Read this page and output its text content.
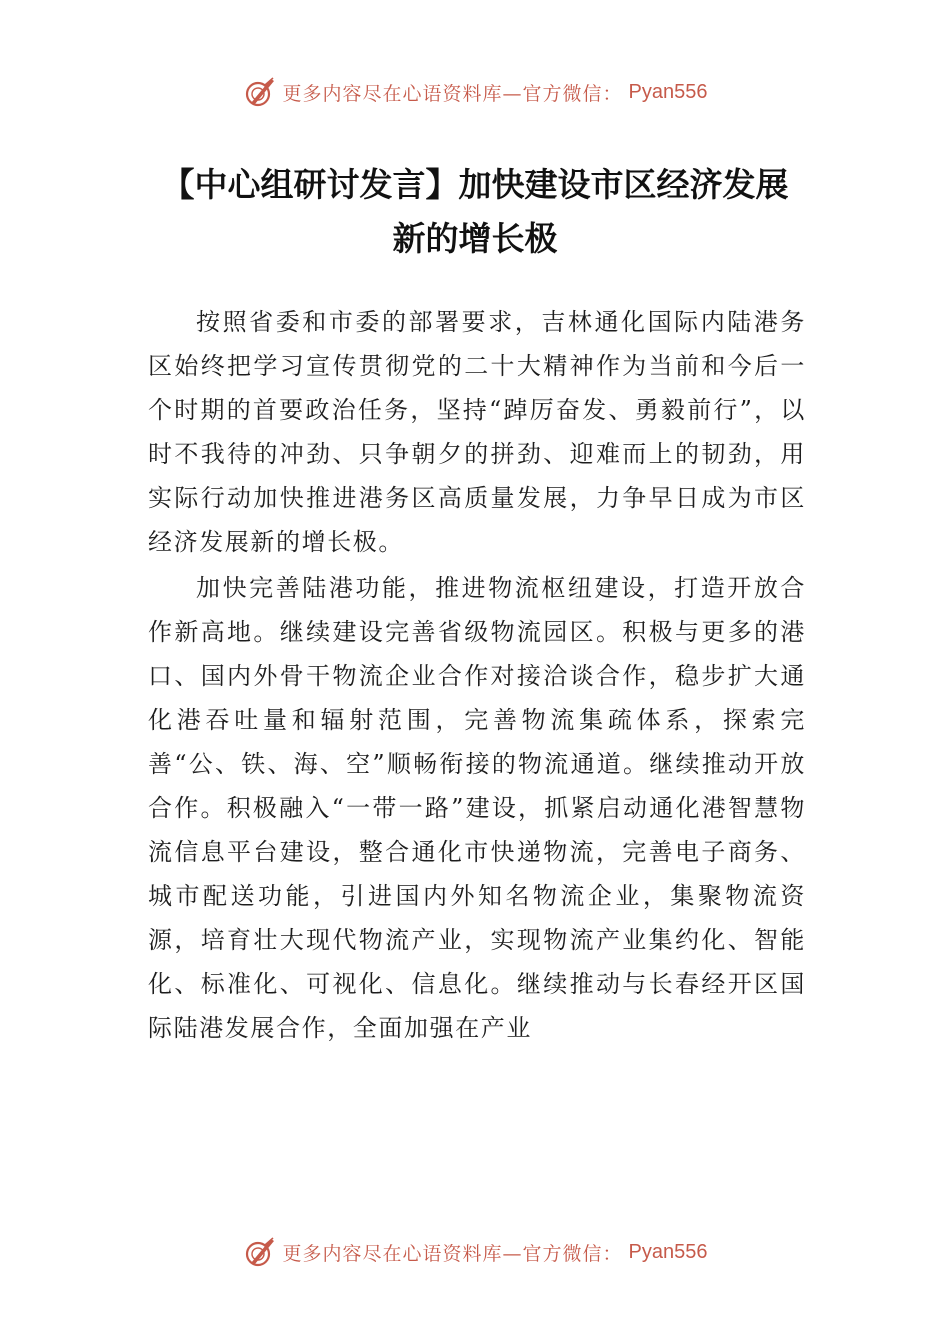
更多内容尽在心语资料库—官方微信： Pyan556
【中心组研讨发言】加快建设市区经济发展
新的增长极

按照省委和市委的部署要求，吉林通化国际内陆港务区始终把学习宣传贯彻党的二十大精神作为当前和今后一个时期的首要政治任务，坚持“踔厉奋发、勇毅前行”，以时不我待的冲劲、只争朝夕的拼劲、迎难而上的韧劲，用实际行动加快推进港务区高质量发展，力争早日成为市区经济发展新的增长极。

加快完善陆港功能，推进物流枢纽建设，打造开放合作新高地。继续建设完善省级物流园区。积极与更多的港口、国内外骨干物流企业合作对接洽谈合作，稳步扩大通化港吞吐量和辐射范围，完善物流集疏体系，探索完善“公、铁、海、空”顺畅衔接的物流通道。继续推动开放合作。积极融入“一带一路”建设，抓紧启动通化港智慧物流信息平台建设，整合通化市快递物流，完善电子商务、城市配送功能，引进国内外知名物流企业，集聚物流资源，培育壮大现代物流产业，实现物流产业集约化、智能化、标准化、可视化、信息化。继续推动与长春经开区国际陆港发展合作，全面加强在产业

更多内容尽在心语资料库—官方微信： Pyan556
